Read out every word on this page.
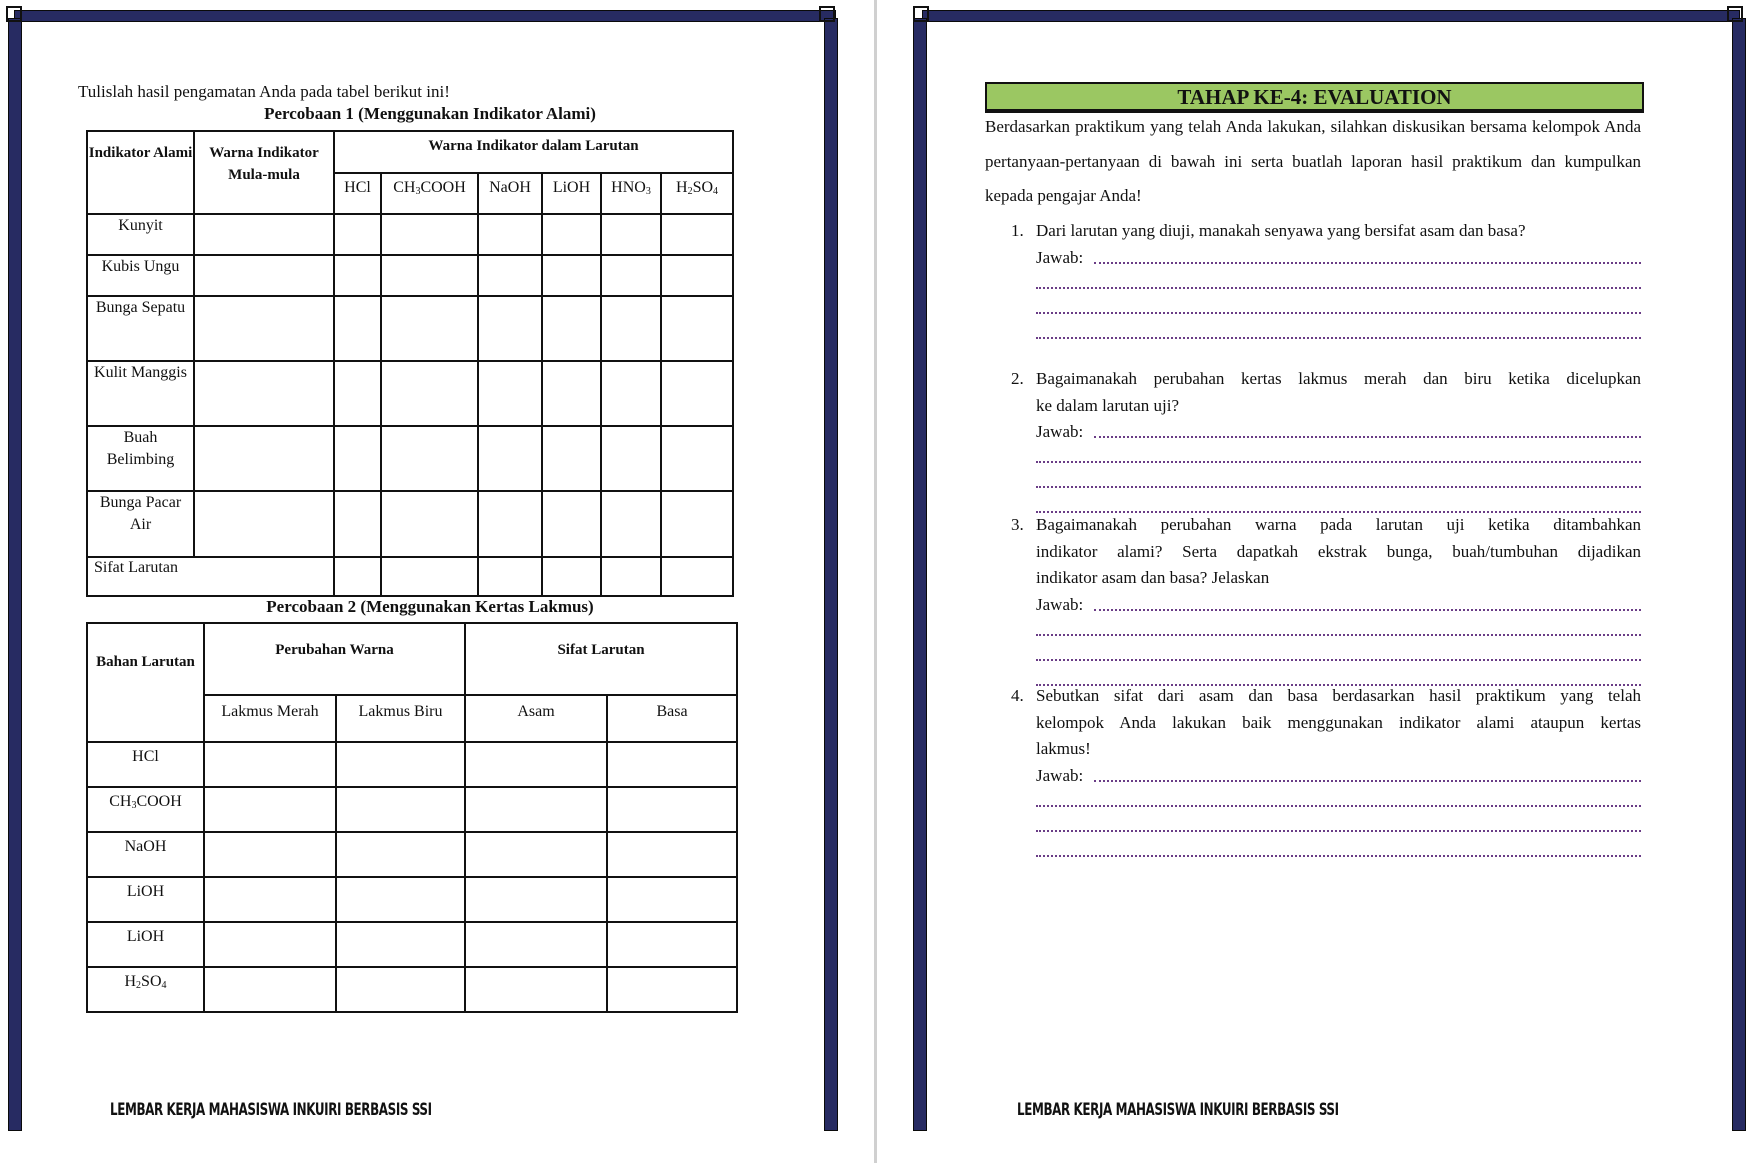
Tulislah hasil pengamatan Anda pada tabel berikut ini!
Percobaan 1 (Menggunakan Indikator Alami)
Indikator Alami	Warna Indikator Mula-mula	Warna Indikator dalam Larutan					
		HCl	$CH_3COOH$	NaOH	LiOH	$HNO_3$	$H_2SO_4$
Kunyit							
Kubis Ungu							
Bunga Sepatu							
Kulit Manggis							
Buah Belimbing							
Bunga Pacar Air							
Sifat Larutan							
Percobaan 2 (Menggunakan Kertas Lakmus)
Bahan Larutan	Perubahan Warna		Sifat Larutan	
	Lakmus Merah	Lakmus Biru	Asam	Basa
HCl				
$CH_3COOH$				
NaOH				
LiOH				
LiOH				
$H_2SO_4$				
LEMBAR KERJA MAHASISWA INKUIRI BERBASIS SSI
TAHAP KE-4: EVALUATION
Berdasarkan praktikum yang telah Anda lakukan, silahkan diskusikan bersama kelompok Anda pertanyaan-pertanyaan di bawah ini serta buatlah laporan hasil praktikum dan kumpulkan kepada pengajar Anda!
1. Dari larutan yang diuji, manakah senyawa yang bersifat asam dan basa?
Jawab:
2. Bagaimanakah perubahan kertas lakmus merah dan biru ketika dicelupkan
ke dalam larutan uji?
Jawab:
3. Bagaimanakah perubahan warna pada larutan uji ketika ditambahkan
indikator alami? Serta dapatkah ekstrak bunga, buah/tumbuhan dijadikan
indikator asam dan basa? Jelaskan
Jawab:
4. Sebutkan sifat dari asam dan basa berdasarkan hasil praktikum yang telah
kelompok Anda lakukan baik menggunakan indikator alami ataupun kertas
lakmus!
Jawab:
LEMBAR KERJA MAHASISWA INKUIRI BERBASIS SSI
